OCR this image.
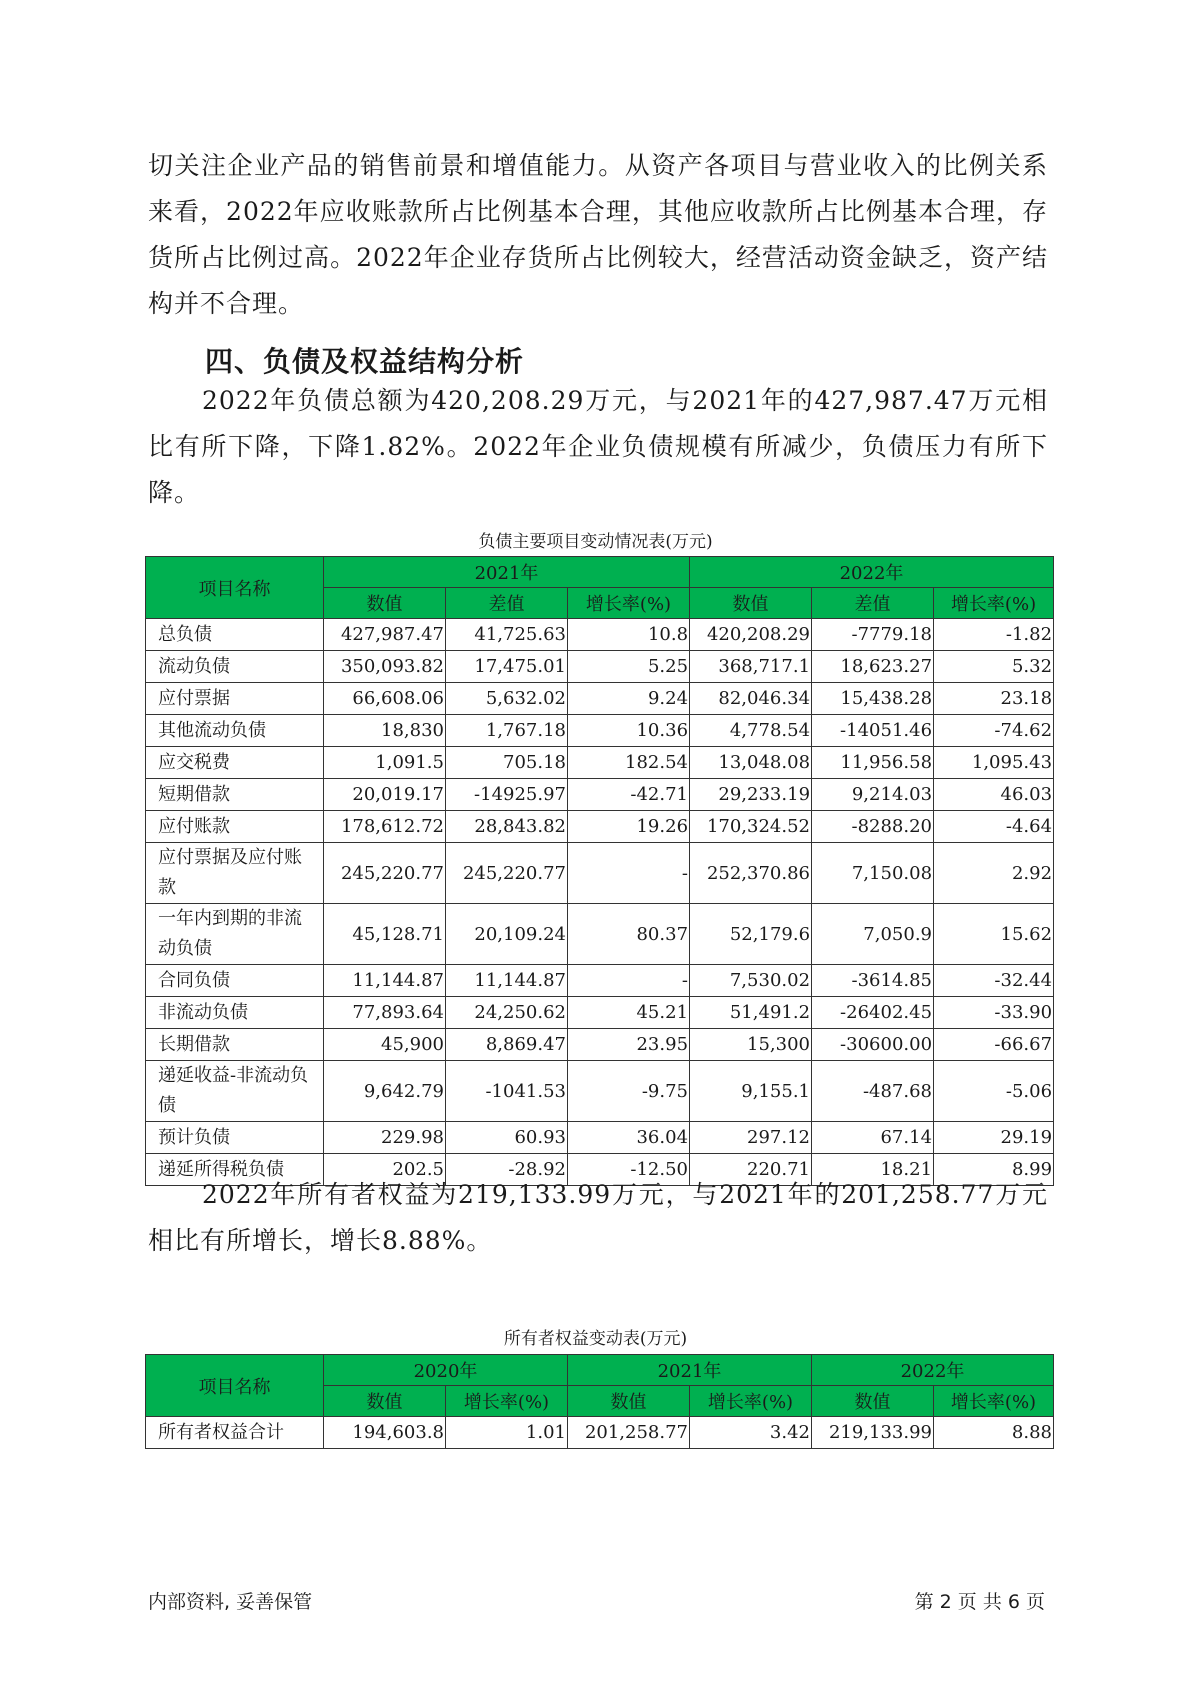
切关注企业产品的销售前景和增值能力。从资产各项目与营业收入的比例关系来看，2022年应收账款所占比例基本合理，其他应收款所占比例基本合理，存货所占比例过高。2022年企业存货所占比例较大，经营活动资金缺乏，资产结构并不合理。

四、负债及权益结构分析

2022年负债总额为420,208.29万元，与2021年的427,987.47万元相比有所下降，下降1.82%。2022年企业负债规模有所减少，负债压力有所下降。

负债主要项目变动情况表(万元)
项目名称	2021年			2022年		
	数值	差值	增长率(%)	数值	差值	增长率(%)
总负债	427,987.47	41,725.63	10.8	420,208.29	-7779.18	-1.82
流动负债	350,093.82	17,475.01	5.25	368,717.1	18,623.27	5.32
应付票据	66,608.06	5,632.02	9.24	82,046.34	15,438.28	23.18
其他流动负债	18,830	1,767.18	10.36	4,778.54	-14051.46	-74.62
应交税费	1,091.5	705.18	182.54	13,048.08	11,956.58	1,095.43
短期借款	20,019.17	-14925.97	-42.71	29,233.19	9,214.03	46.03
应付账款	178,612.72	28,843.82	19.26	170,324.52	-8288.20	-4.64
应付票据及应付账款	245,220.77	245,220.77	-	252,370.86	7,150.08	2.92
一年内到期的非流动负债	45,128.71	20,109.24	80.37	52,179.6	7,050.9	15.62
合同负债	11,144.87	11,144.87	-	7,530.02	-3614.85	-32.44
非流动负债	77,893.64	24,250.62	45.21	51,491.2	-26402.45	-33.90
长期借款	45,900	8,869.47	23.95	15,300	-30600.00	-66.67
递延收益-非流动负债	9,642.79	-1041.53	-9.75	9,155.1	-487.68	-5.06
预计负债	229.98	60.93	36.04	297.12	67.14	29.19
递延所得税负债	202.5	-28.92	-12.50	220.71	18.21	8.99

2022年所有者权益为219,133.99万元，与2021年的201,258.77万元相比有所增长，增长8.88%。

所有者权益变动表(万元)
项目名称	2020年		2021年		2022年	
	数值	增长率(%)	数值	增长率(%)	数值	增长率(%)
所有者权益合计	194,603.8	1.01	201,258.77	3.42	219,133.99	8.88
内部资料, 妥善保管	第 2 页 共 6 页
